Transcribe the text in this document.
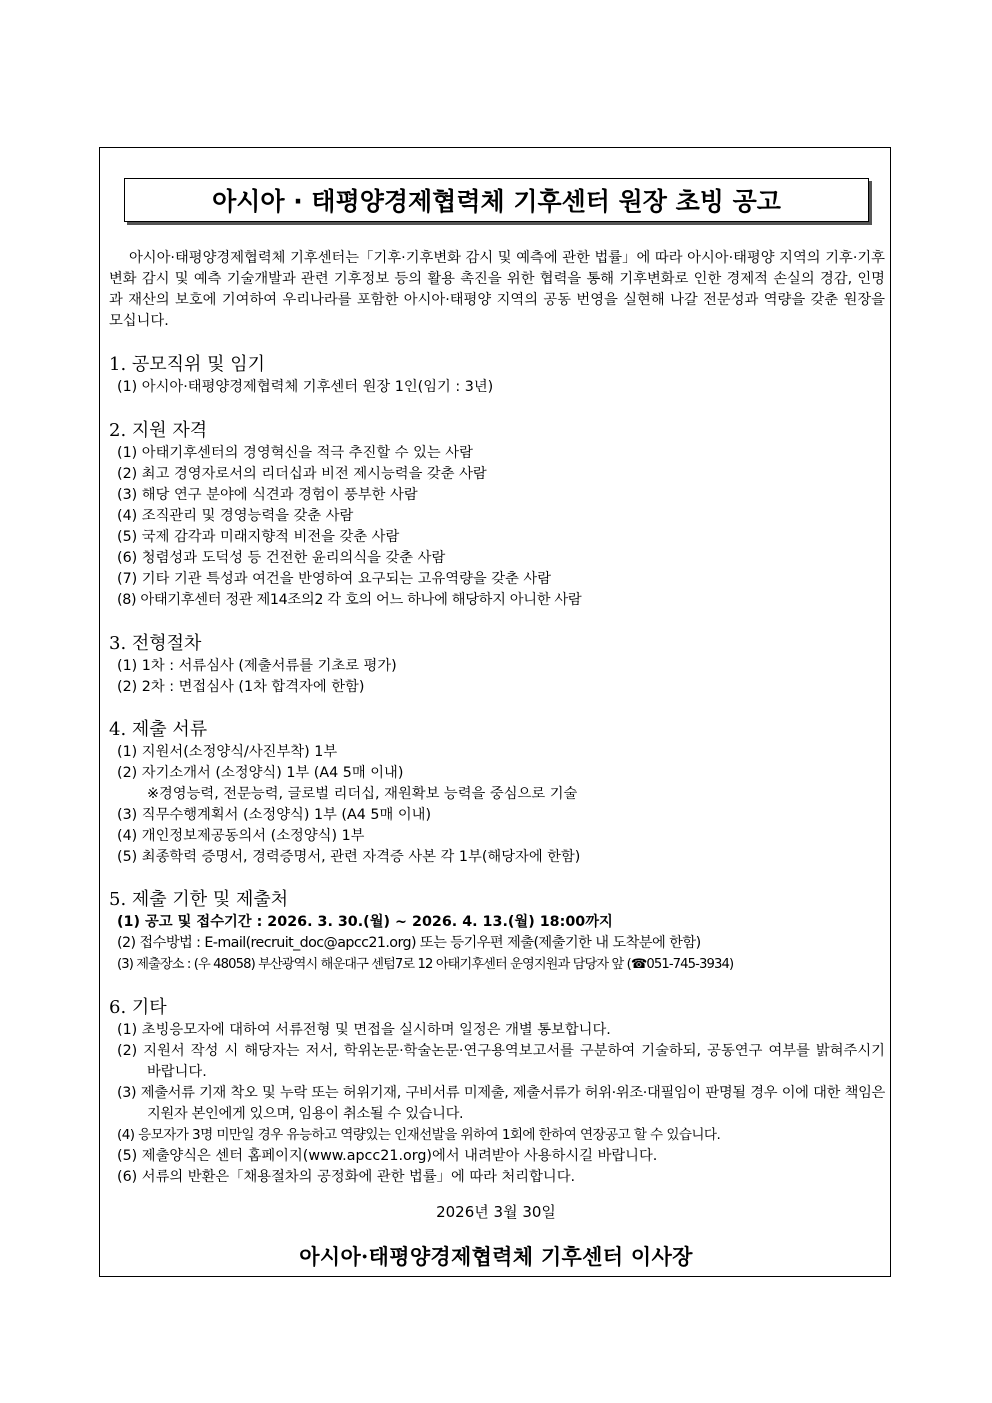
아시아 · 태평양경제협력체 기후센터 원장 초빙 공고

아시아·태평양경제협력체 기후센터는「기후·기후변화 감시 및 예측에 관한 법률」에 따라 아시아·태평양 지역의 기후·기후변화 감시 및 예측 기술개발과 관련 기후정보 등의 활용 촉진을 위한 협력을 통해 기후변화로 인한 경제적 손실의 경감, 인명과 재산의 보호에 기여하여 우리나라를 포함한 아시아·태평양 지역의 공동 번영을 실현해 나갈 전문성과 역량을 갖춘 원장을 모십니다.

1. 공모직위 및 임기
(1) 아시아·태평양경제협력체 기후센터 원장 1인(임기 : 3년)
2. 지원 자격
(1) 아태기후센터의 경영혁신을 적극 추진할 수 있는 사람
(2) 최고 경영자로서의 리더십과 비전 제시능력을 갖춘 사람
(3) 해당 연구 분야에 식견과 경험이 풍부한 사람
(4) 조직관리 및 경영능력을 갖춘 사람
(5) 국제 감각과 미래지향적 비전을 갖춘 사람
(6) 청렴성과 도덕성 등 건전한 윤리의식을 갖춘 사람
(7) 기타 기관 특성과 여건을 반영하여 요구되는 고유역량을 갖춘 사람
(8) 아태기후센터 정관 제14조의2 각 호의 어느 하나에 해당하지 아니한 사람
3. 전형절차
(1) 1차 : 서류심사 (제출서류를 기초로 평가)
(2) 2차 : 면접심사 (1차 합격자에 한함)
4. 제출 서류
(1) 지원서(소정양식/사진부착) 1부
(2) 자기소개서 (소정양식) 1부 (A4 5매 이내)
※경영능력, 전문능력, 글로벌 리더십, 재원확보 능력을 중심으로 기술
(3) 직무수행계획서 (소정양식) 1부 (A4 5매 이내)
(4) 개인정보제공동의서 (소정양식) 1부
(5) 최종학력 증명서, 경력증명서, 관련 자격증 사본 각 1부(해당자에 한함)
5. 제출 기한 및 제출처
(1) 공고 및 접수기간 : 2026. 3. 30.(월) ~ 2026. 4. 13.(월) 18:00까지
(2) 접수방법 : E-mail(recruit_doc@apcc21.org) 또는 등기우편 제출(제출기한 내 도착분에 한함)
(3) 제출장소 : (우 48058) 부산광역시 해운대구 센텀7로 12 아태기후센터 운영지원과 담당자 앞 (☎051-745-3934)
6. 기타
(1) 초빙응모자에 대하여 서류전형 및 면접을 실시하며 일정은 개별 통보합니다.
(2) 지원서 작성 시 해당자는 저서, 학위논문·학술논문·연구용역보고서를 구분하여 기술하되, 공동연구 여부를 밝혀주시기 바랍니다.
(3) 제출서류 기재 착오 및 누락 또는 허위기재, 구비서류 미제출, 제출서류가 허위·위조·대필임이 판명될 경우 이에 대한 책임은 지원자 본인에게 있으며, 임용이 취소될 수 있습니다.
(4) 응모자가 3명 미만일 경우 유능하고 역량있는 인재선발을 위하여 1회에 한하여 연장공고 할 수 있습니다.
(5) 제출양식은 센터 홈페이지(www.apcc21.org)에서 내려받아 사용하시길 바랍니다.
(6) 서류의 반환은「채용절차의 공정화에 관한 법률」에 따라 처리합니다.
2026년 3월 30일
아시아·태평양경제협력체 기후센터 이사장
